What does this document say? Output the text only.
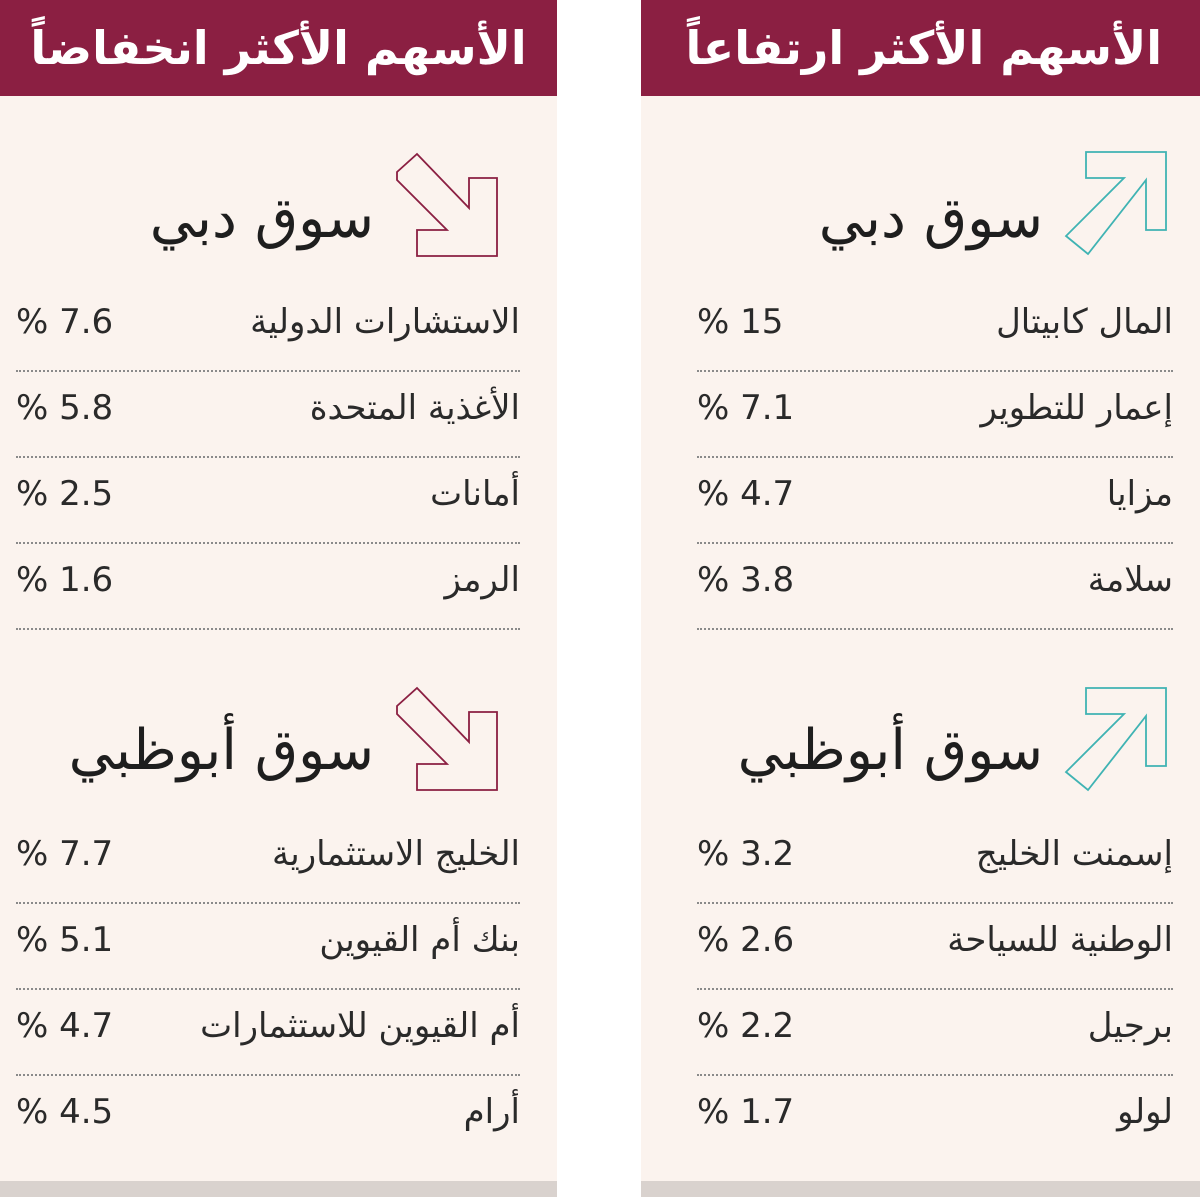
الأسهم الأكثر انخفاضاً
سوق دبي
الاستشارات الدولية
% 7.6
الأغذية المتحدة
% 5.8
أمانات
% 2.5
الرمز
% 1.6
سوق أبوظبي
الخليج الاستثمارية
% 7.7
بنك أم القيوين
% 5.1
أم القيوين للاستثمارات
% 4.7
أرام
% 4.5
الأسهم الأكثر ارتفاعاً
سوق دبي
المال كابيتال
% 15
إعمار للتطوير
% 7.1
مزايا
% 4.7
سلامة
% 3.8
سوق أبوظبي
إسمنت الخليج
% 3.2
الوطنية للسياحة
% 2.6
برجيل
% 2.2
لولو
% 1.7
